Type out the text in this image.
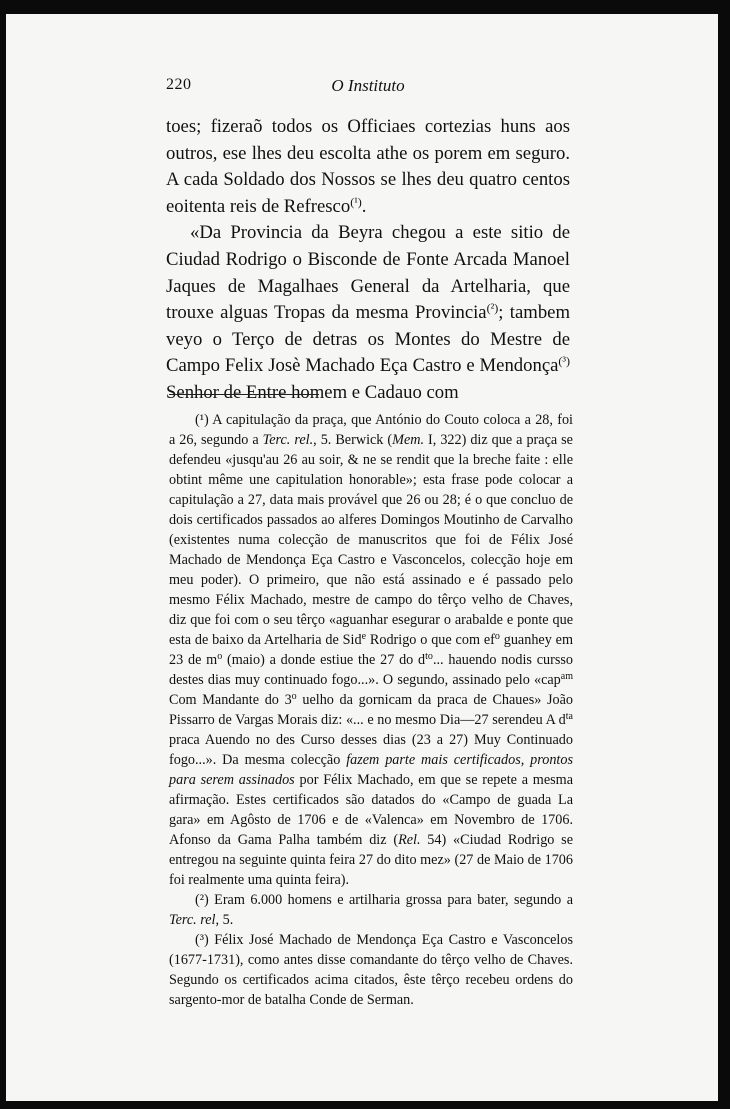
220	O Instituto

toes; fizeraõ todos os Officiaes cortezias huns aos outros, ese lhes deu escolta athe os porem em seguro. A cada Soldado dos Nossos se lhes deu quatro centos eoitenta reis de Refresco$^{(^1)}$.

«Da Provincia da Beyra chegou a este sitio de Ciudad Rodrigo o Bisconde de Fonte Arcada Manoel Jaques de Magalhaes General da Artelharia, que trouxe alguas Tropas da mesma Provincia$^{(^2)}$; tambem veyo o Terço de detras os Montes do Mestre de Campo Felix Josè Machado Eça Castro e Mendonça$^{(^3)}$ Senhor de Entre homem e Cadauo com

(¹) A capitulação da praça, que António do Couto coloca a 28, foi a 26, segundo a Terc. rel., 5. Berwick (Mem. I, 322) diz que a praça se defendeu «jusqu'au 26 au soir, & ne se rendit que la breche faite : elle obtint même une capitulation honorable»; esta frase pode colocar a capitulação a 27, data mais provável que 26 ou 28; é o que concluo de dois certificados passados ao alferes Domingos Moutinho de Carvalho (existentes numa colecção de manuscritos que foi de Félix José Machado de Mendonça Eça Castro e Vasconcelos, colecção hoje em meu poder). O primeiro, que não está assinado e é passado pelo mesmo Félix Machado, mestre de campo do têrço velho de Chaves, diz que foi com o seu têrço «aguanhar esegurar o arabalde e ponte que esta de baixo da Artelharia de Sid$^e$ Rodrigo o que com $ef^o$ guanhey em 23 de $m^o$ (maio) a donde estiue the 27 do $d^{to}$... hauendo nodis cursso destes dias muy continuado fogo...». O segundo, assinado pelo «cap$^{am}$ Com Mandante do 3$^o$ uelho da gornicam da praca de Chaues» João Pissarro de Vargas Morais diz: «... e no mesmo Dia—27 serendeu A $d^{ta}$ praca Auendo no des Curso desses dias (23 a 27) Muy Continuado fogo...». Da mesma colecção fazem parte mais certificados, prontos para serem assinados por Félix Machado, em que se repete a mesma afirmação. Estes certificados são datados do «Campo de guada La gara» em Agôsto de 1706 e de «Valenca» em Novembro de 1706. Afonso da Gama Palha também diz (Rel. 54) «Ciudad Rodrigo se entregou na seguinte quinta feira 27 do dito mez» (27 de Maio de 1706 foi realmente uma quinta feira).

(²) Eram 6.000 homens e artilharia grossa para bater, segundo a Terc. rel, 5.

(³) Félix José Machado de Mendonça Eça Castro e Vasconcelos (1677-1731), como antes disse comandante do têrço velho de Chaves. Segundo os certificados acima citados, êste têrço recebeu ordens do sargento-mor de batalha Conde de Serman.
